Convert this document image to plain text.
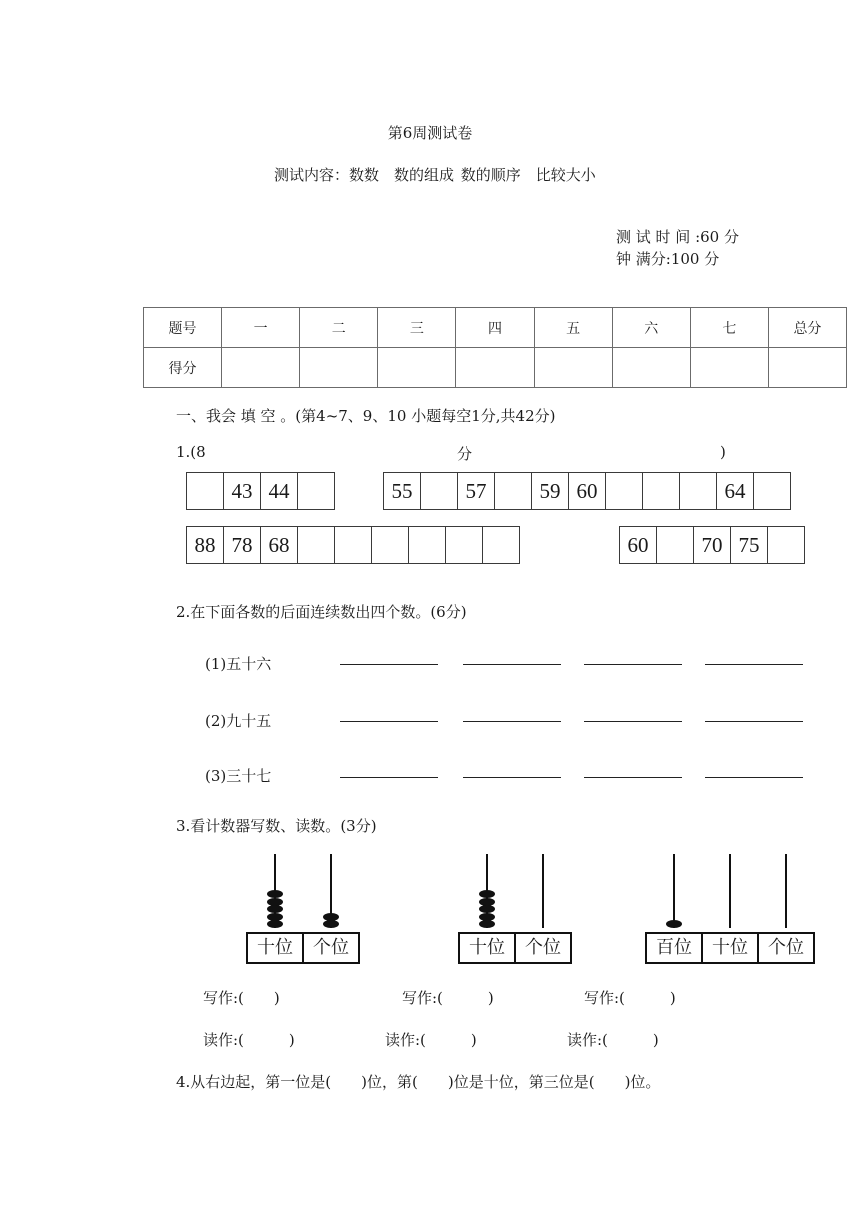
第6周测试卷
测试内容：数数　数的组成 数的顺序　比较大小
测 试 时 间 :60 分钟 满分:100 分
题号	一	二	三	四	五	六	七	总分
得分								
一、我会 填 空 。(第4~7、9、10 小题每空1分,共42分)
1.(8	分	)
	43	44		55		57		59	60				64	
88	78	68							60		70	75	
2.在下面各数的后面连续数出四个数。(6分)
(1)五十六
(2)九十五
(3)三十七
3.看计数器写数、读数。(3分)
十位	个位	十位	个位	百位	十位	个位
写作:(　　)	写作:(　　　)	写作:(　　　)
读作:(　　　)	读作:(　　　)	读作:(　　　)
4.从右边起，第一位是(　　)位，第(　　)位是十位，第三位是(　　)位。
